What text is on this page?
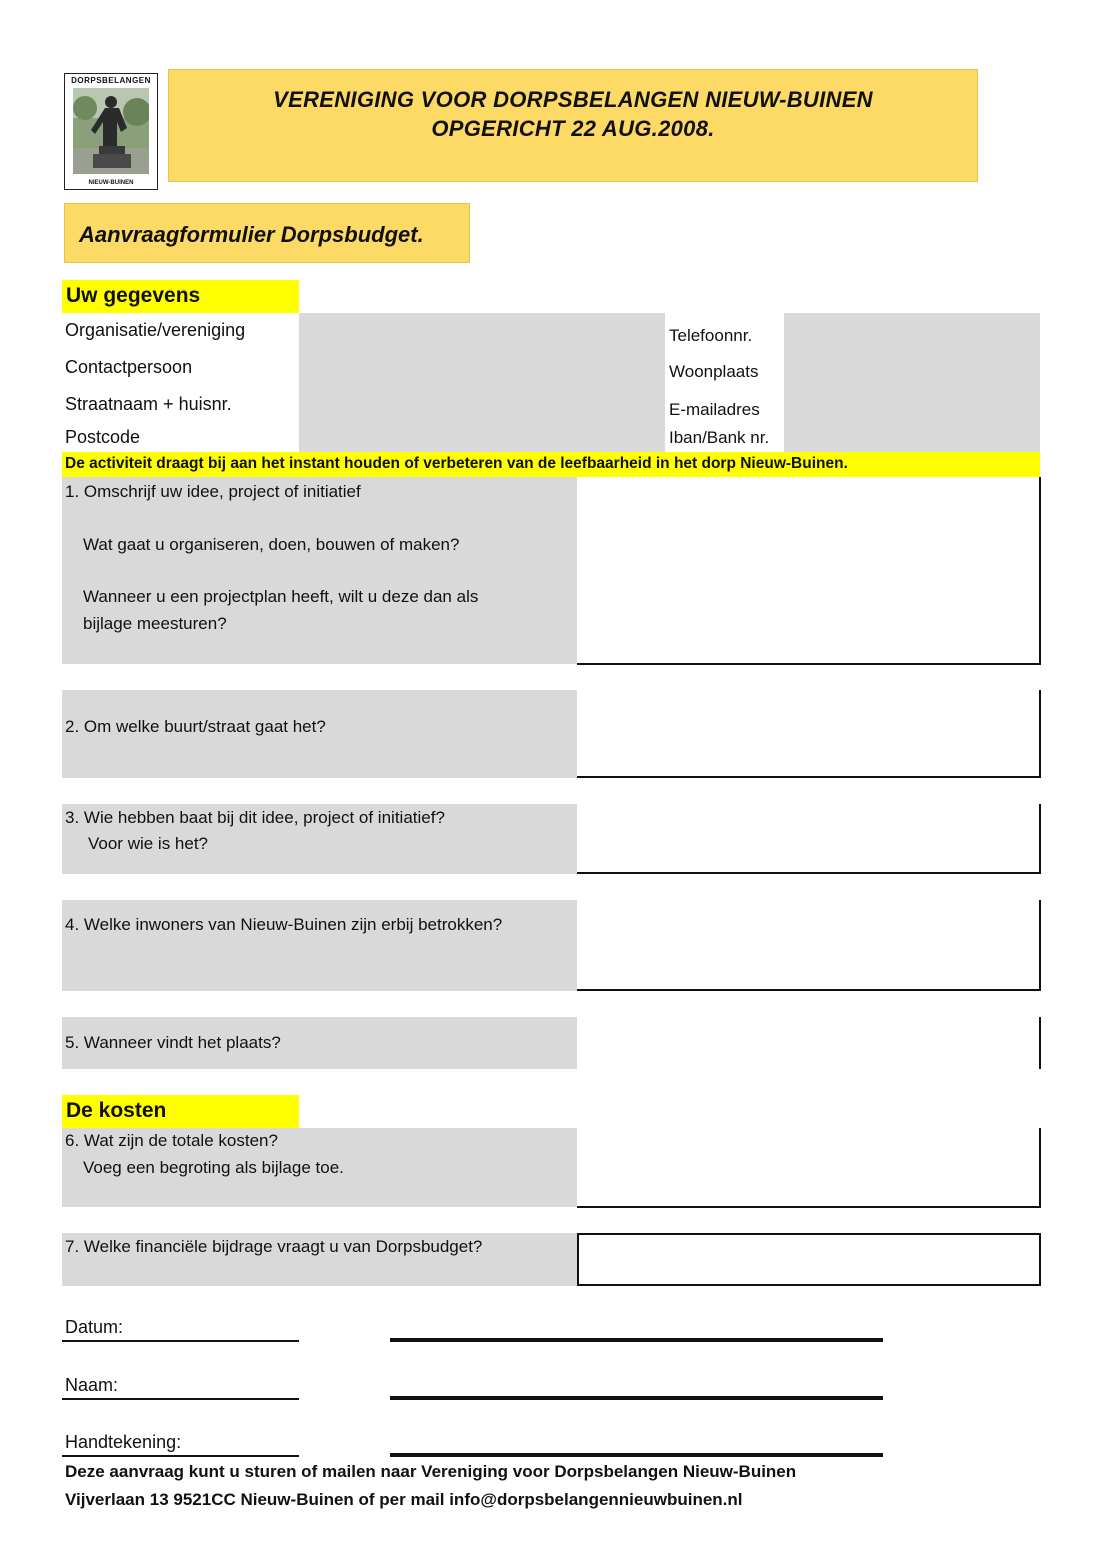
DORPSBELANGEN
NIEUW-BUINEN
VERENIGING VOOR DORPSBELANGEN NIEUW-BUINEN
OPGERICHT 22 AUG.2008.
Aanvraagformulier Dorpsbudget.
Uw gegevens
Organisatie/vereniging
Contactpersoon
Straatnaam + huisnr.
Postcode
Telefoonnr.
Woonplaats
E-mailadres
Iban/Bank nr.
De activiteit draagt bij aan het instant houden of verbeteren van de leefbaarheid in het dorp Nieuw-Buinen.
1. Omschrijf uw idee, project of initiatief
Wat gaat u organiseren, doen, bouwen of maken?
Wanneer u een projectplan heeft, wilt u deze dan als
bijlage meesturen?
2. Om welke buurt/straat gaat het?
3. Wie hebben baat bij dit idee, project of initiatief?
Voor wie is het?
4. Welke inwoners van Nieuw-Buinen zijn erbij betrokken?
5. Wanneer vindt het plaats?
De kosten
6. Wat zijn de totale kosten?
Voeg een begroting als bijlage toe.
7. Welke financiële bijdrage vraagt u van Dorpsbudget?
Datum:
Naam:
Handtekening:
Deze aanvraag kunt u sturen of mailen naar Vereniging voor Dorpsbelangen Nieuw-Buinen
Vijverlaan 13 9521CC Nieuw-Buinen of per mail info@dorpsbelangennieuwbuinen.nl
